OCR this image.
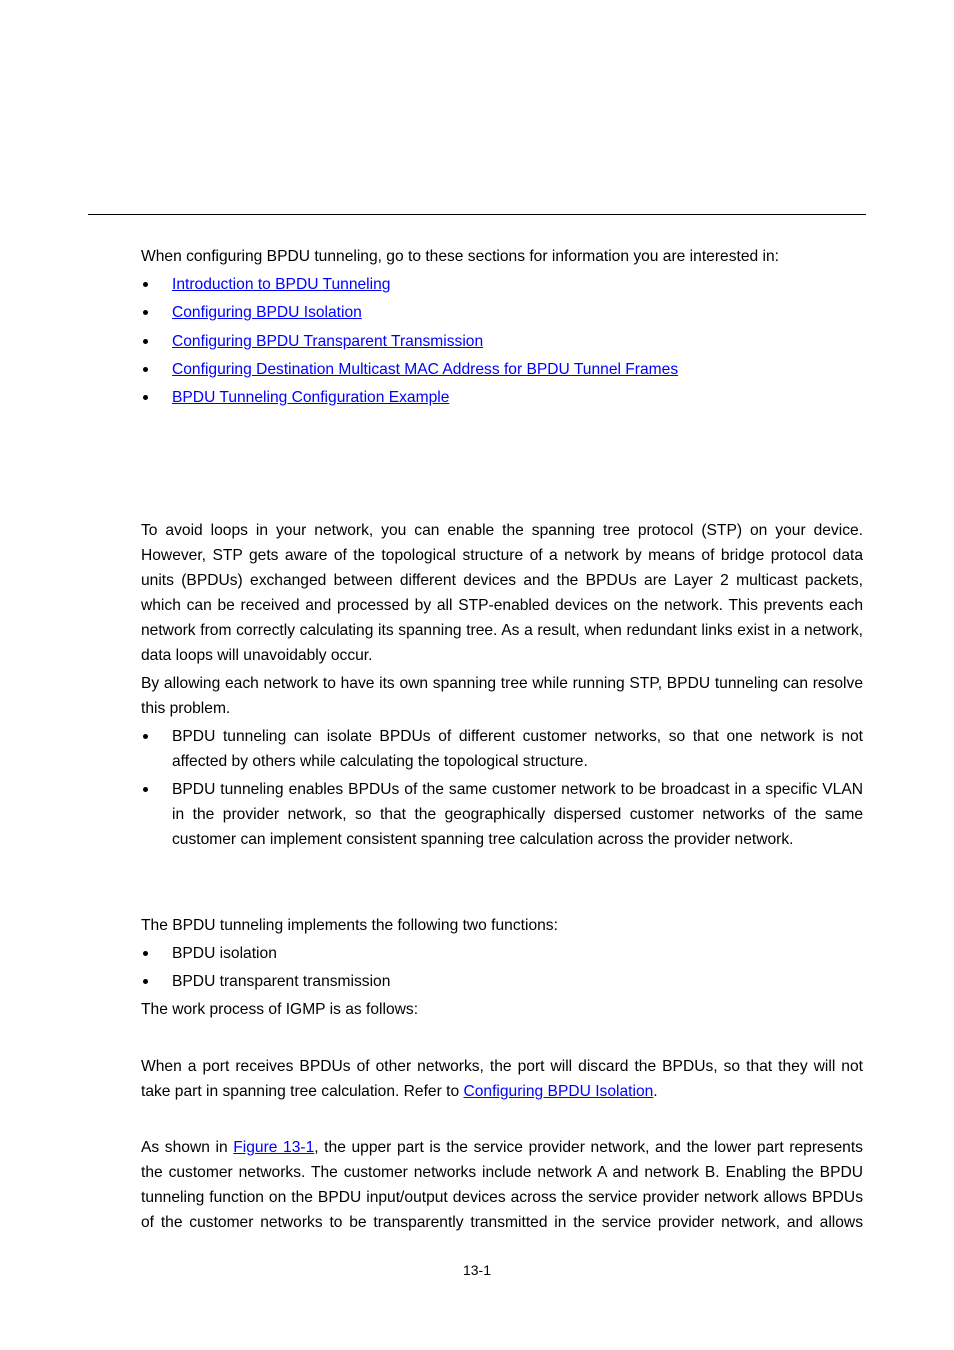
When configuring BPDU tunneling, go to these sections for information you are interested in:
Introduction to BPDU Tunneling
Configuring BPDU Isolation
Configuring BPDU Transparent Transmission
Configuring Destination Multicast MAC Address for BPDU Tunnel Frames
BPDU Tunneling Configuration Example
To avoid loops in your network, you can enable the spanning tree protocol (STP) on your device.
However, STP gets aware of the topological structure of a network by means of bridge protocol data
units (BPDUs) exchanged between different devices and the BPDUs are Layer 2 multicast packets,
which can be received and processed by all STP-enabled devices on the network. This prevents each
network from correctly calculating its spanning tree. As a result, when redundant links exist in a network,
data loops will unavoidably occur.
By allowing each network to have its own spanning tree while running STP, BPDU tunneling can resolve
this problem.
BPDU tunneling can isolate BPDUs of different customer networks, so that one network is not
affected by others while calculating the topological structure.
BPDU tunneling enables BPDUs of the same customer network to be broadcast in a specific VLAN
in the provider network, so that the geographically dispersed customer networks of the same
customer can implement consistent spanning tree calculation across the provider network.
The BPDU tunneling implements the following two functions:
BPDU isolation
BPDU transparent transmission
The work process of IGMP is as follows:
When a port receives BPDUs of other networks, the port will discard the BPDUs, so that they will not
take part in spanning tree calculation. Refer to Configuring BPDU Isolation.
As shown in Figure 13-1, the upper part is the service provider network, and the lower part represents
the customer networks. The customer networks include network A and network B. Enabling the BPDU
tunneling function on the BPDU input/output devices across the service provider network allows BPDUs
of the customer networks to be transparently transmitted in the service provider network, and allows
13-1
